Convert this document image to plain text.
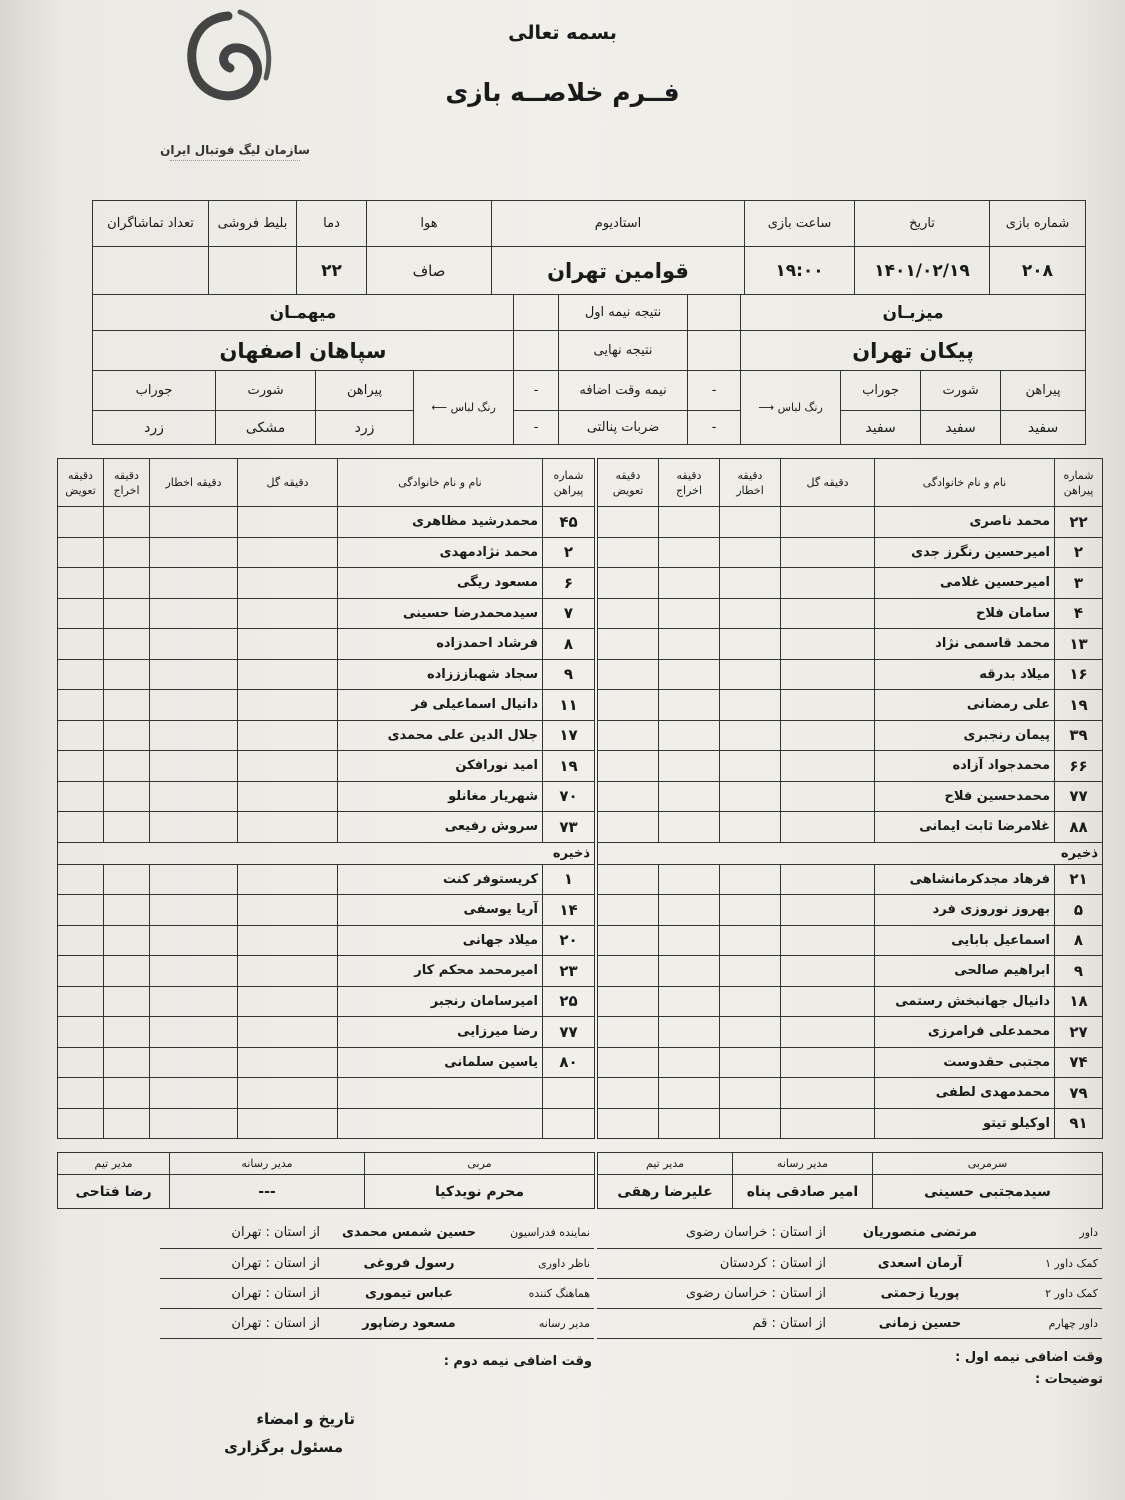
سازمان لیگ فوتبال ایران
بسمه تعالی
فــرم خلاصــه بازی
شماره بازی	تاریخ	ساعت بازی	استادیوم	هوا	دما	بلیط فروشی	تعداد تماشاگران
۲۰۸	۱۴۰۱/۰۲/۱۹	۱۹:۰۰	قوامین تهران	صاف	۲۲		
میزبـان					نتیجه نیمه اول		میهمـان			
پیکان تهران					نتیجه نهایی		سپاهان اصفهان			
پیراهن	شورت	جوراب	رنگ لباس ⟶	-	نیمه وقت اضافه	-	رنگ لباس ⟵	پیراهن	شورت	جوراب
سفید	سفید	سفید		-	ضربات پنالتی	-		زرد	مشکی	زرد
شماره پیراهن	نام و نام خانوادگی	دقیقه گل	دقیقه اخطار	دقیقه اخراج	دقیقه تعویض
۲۲	محمد ناصری				
۲	امیرحسین رنگرز جدی				
۳	امیرحسین غلامی				
۴	سامان فلاح				
۱۳	محمد قاسمی نژاد				
۱۶	میلاد بدرقه				
۱۹	علی رمضانی				
۳۹	پیمان رنجبری				
۶۶	محمدجواد آزاده				
۷۷	محمدحسین فلاح				
۸۸	غلامرضا ثابت ایمانی				
ذخیره					
۲۱	فرهاد مجدکرمانشاهی				
۵	بهروز نوروزی فرد				
۸	اسماعیل بابایی				
۹	ابراهیم صالحی				
۱۸	دانیال جهانبخش رستمی				
۲۷	محمدعلی فرامرزی				
۷۴	مجتبی حقدوست				
۷۹	محمدمهدی لطفی				
۹۱	اوکیلو تیتو				
شماره پیراهن	نام و نام خانوادگی	دقیقه گل	دقیقه اخطار	دقیقه اخراج	دقیقه تعویض
۴۵	محمدرشید مظاهری				
۲	محمد نژادمهدی				
۶	مسعود ریگی				
۷	سیدمحمدرضا حسینی				
۸	فرشاد احمدزاده				
۹	سجاد شهبازززاده				
۱۱	دانیال اسماعیلی فر				
۱۷	جلال الدین علی محمدی				
۱۹	امید نورافکن				
۷۰	شهریار مغانلو				
۷۳	سروش رفیعی				
ذخیره					
۱	کریستوفر کنت				
۱۴	آریا یوسفی				
۲۰	میلاد جهانی				
۲۳	امیرمحمد محکم کار				
۲۵	امیرسامان رنجبر				
۷۷	رضا میرزایی				
۸۰	یاسین سلمانی				

سرمربی	مدیر رسانه	مدیر تیم
سیدمجتبی حسینی	امیر صادقی پناه	علیرضا رهقی
مربی	مدیر رسانه	مدیر تیم
محرم نویدکیا	---	رضا فتاحی
داور	مرتضی منصوریان	از استان : خراسان رضوی
کمک داور ۱	آرمان اسعدی	از استان : کردستان
کمک داور ۲	پوریا زحمتی	از استان : خراسان رضوی
داور چهارم	حسین زمانی	از استان : قم
نماینده فدراسیون	حسین شمس محمدی	از استان : تهران
ناظر داوری	رسول فروغی	از استان : تهران
هماهنگ کننده	عباس تیموری	از استان : تهران
مدیر رسانه	مسعود رضاپور	از استان : تهران
وقت اضافی نیمه اول :
وقت اضافی نیمه دوم :
توضیحات :
تاریخ و امضاء
مسئول برگزاری
